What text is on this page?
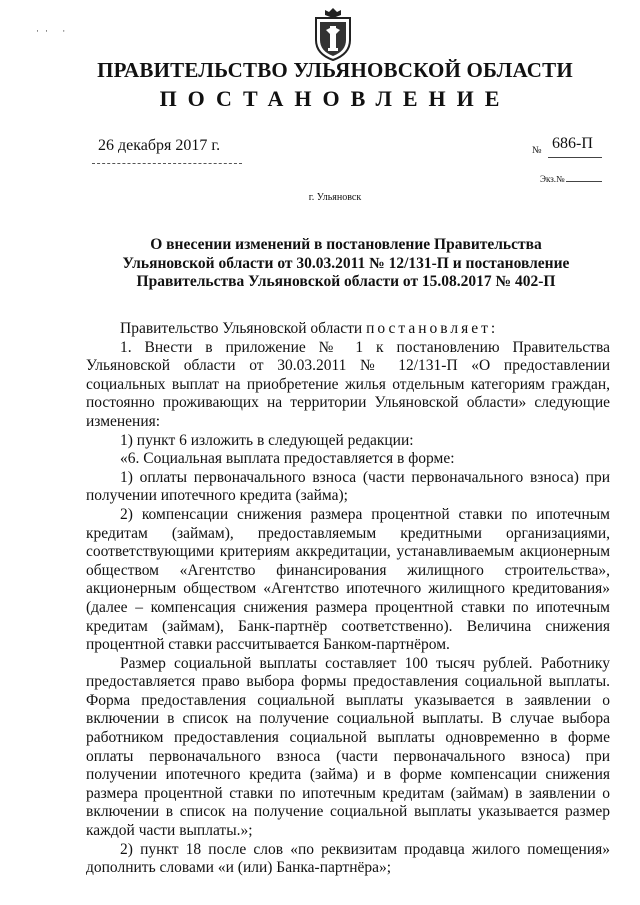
·· ·
ПРАВИТЕЛЬСТВО УЛЬЯНОВСКОЙ ОБЛАСТИ
ПОСТАНОВЛЕНИЕ
26 декабря 2017 г.	№ 686-П
Экз.№
г. Ульяновск
О внесении изменений в постановление Правительства Ульяновской области от 30.03.2011 № 12/131-П и постановление Правительства Ульяновской области от 15.08.2017 № 402-П

Правительство Ульяновской области постановляет:

1. Внести в приложение № 1 к постановлению Правительства Ульяновской области от 30.03.2011 № 12/131-П «О предоставлении социальных выплат на приобретение жилья отдельным категориям граждан, постоянно проживающих на территории Ульяновской области» следующие изменения:

1) пункт 6 изложить в следующей редакции:

«6. Социальная выплата предоставляется в форме:

1) оплаты первоначального взноса (части первоначального взноса) при получении ипотечного кредита (займа);

2) компенсации снижения размера процентной ставки по ипотечным кредитам (займам), предоставляемым кредитными организациями, соответствующими критериям аккредитации, устанавливаемым акционерным обществом «Агентство финансирования жилищного строительства», акционерным обществом «Агентство ипотечного жилищного кредитования» (далее – компенсация снижения размера процентной ставки по ипотечным кредитам (займам), Банк-партнёр соответственно). Величина снижения процентной ставки рассчитывается Банком-партнёром.

Размер социальной выплаты составляет 100 тысяч рублей. Работнику предоставляется право выбора формы предоставления социальной выплаты. Форма предоставления социальной выплаты указывается в заявлении о включении в список на получение социальной выплаты. В случае выбора работником предоставления социальной выплаты одновременно в форме оплаты первоначального взноса (части первоначального взноса) при получении ипотечного кредита (займа) и в форме компенсации снижения размера процентной ставки по ипотечным кредитам (займам) в заявлении о включении в список на получение социальной выплаты указывается размер каждой части выплаты.»;

2) пункт 18 после слов «по реквизитам продавца жилого помещения» дополнить словами «и (или) Банка-партнёра»;
